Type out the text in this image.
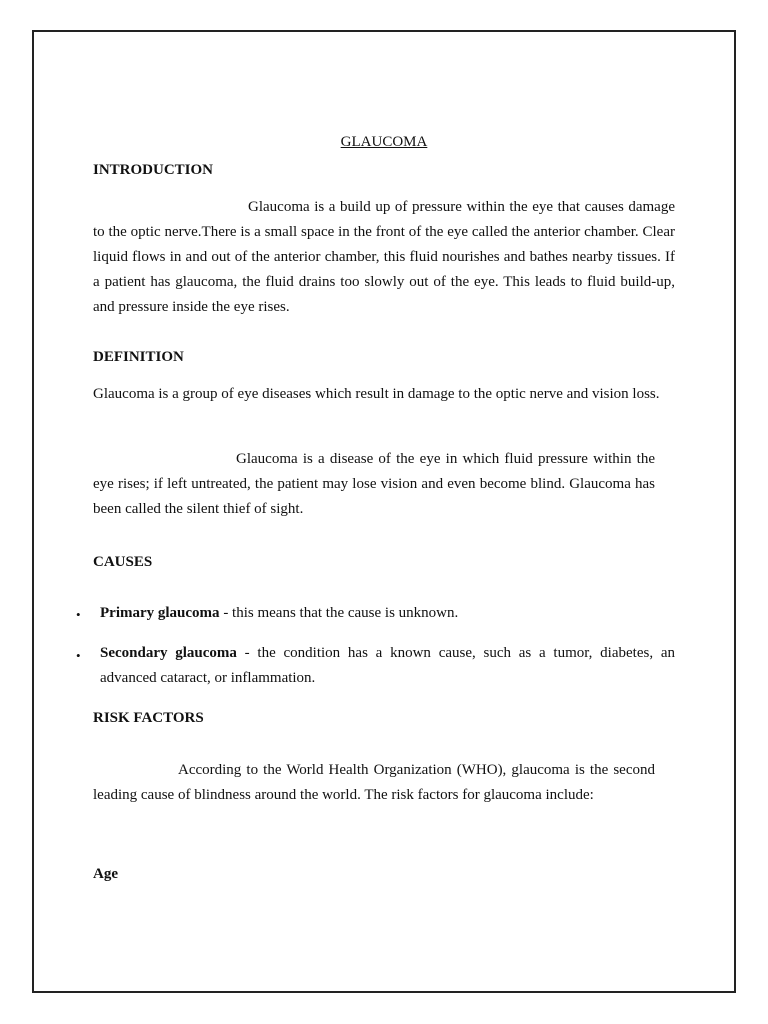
GLAUCOMA
INTRODUCTION

Glaucoma is a build up of pressure within the eye that causes damage to the optic nerve.There is a small space in the front of the eye called the anterior chamber. Clear liquid flows in and out of the anterior chamber, this fluid nourishes and bathes nearby tissues. If a patient has glaucoma, the fluid drains too slowly out of the eye. This leads to fluid build-up, and pressure inside the eye rises.

DEFINITION

Glaucoma is a group of eye diseases which result in damage to the optic nerve and vision loss.

Glaucoma is a disease of the eye in which fluid pressure within the eye rises; if left untreated, the patient may lose vision and even become blind. Glaucoma has been called the silent thief of sight.

CAUSES
• Primary glaucoma - this means that the cause is unknown.

• Secondary glaucoma - the condition has a known cause, such as a tumor, diabetes, an advanced cataract, or inflammation.

RISK FACTORS

According to the World Health Organization (WHO), glaucoma is the second leading cause of blindness around the world. The risk factors for glaucoma include:

Age
